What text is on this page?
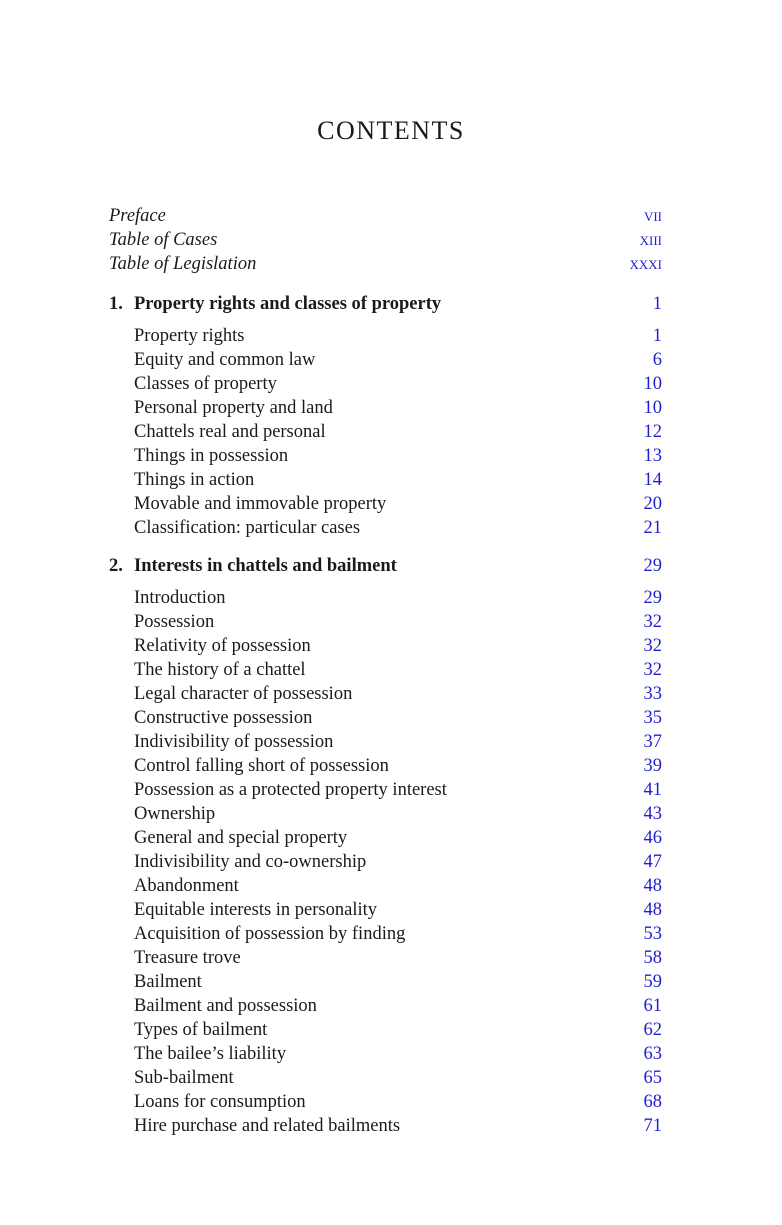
CONTENTS
Preface	vii
Table of Cases	xiii
Table of Legislation	xxxi
1. Property rights and classes of property	1
Property rights	1
Equity and common law	6
Classes of property	10
Personal property and land	10
Chattels real and personal	12
Things in possession	13
Things in action	14
Movable and immovable property	20
Classification: particular cases	21
2. Interests in chattels and bailment	29
Introduction	29
Possession	32
Relativity of possession	32
The history of a chattel	32
Legal character of possession	33
Constructive possession	35
Indivisibility of possession	37
Control falling short of possession	39
Possession as a protected property interest	41
Ownership	43
General and special property	46
Indivisibility and co-ownership	47
Abandonment	48
Equitable interests in personality	48
Acquisition of possession by finding	53
Treasure trove	58
Bailment	59
Bailment and possession	61
Types of bailment	62
The bailee’s liability	63
Sub-bailment	65
Loans for consumption	68
Hire purchase and related bailments	71
